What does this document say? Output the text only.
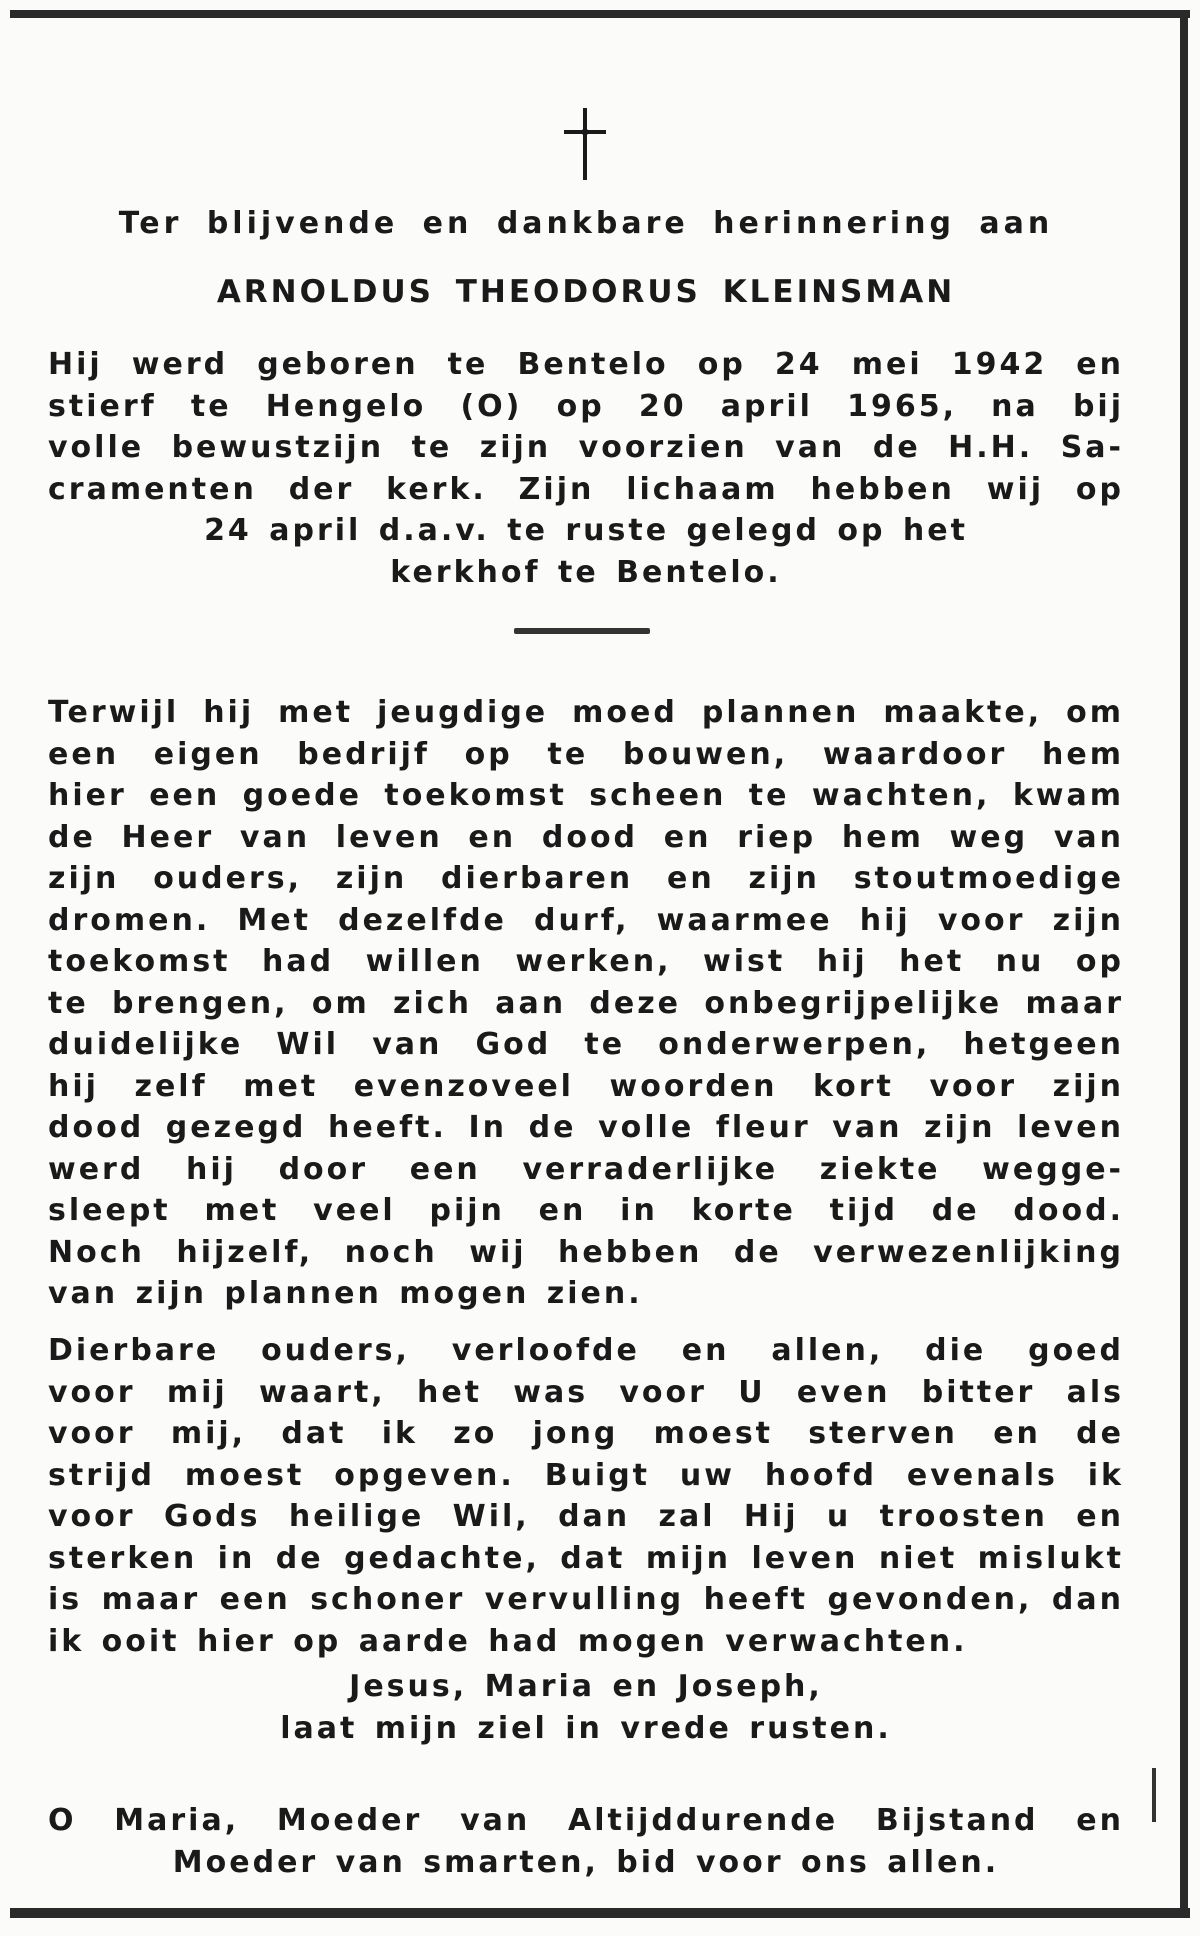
Ter blijvende en dankbare herinnering aan
ARNOLDUS THEODORUS KLEINSMAN
Hij werd geboren te Bentelo op 24 mei 1942 en
stierf te Hengelo (O) op 20 april 1965, na bij
volle bewustzijn te zijn voorzien van de H.H. Sa-
cramenten der kerk. Zijn lichaam hebben wij op
24 april d.a.v. te ruste gelegd op het
kerkhof te Bentelo.
Terwijl hij met jeugdige moed plannen maakte, om
een eigen bedrijf op te bouwen, waardoor hem
hier een goede toekomst scheen te wachten, kwam
de Heer van leven en dood en riep hem weg van
zijn ouders, zijn dierbaren en zijn stoutmoedige
dromen. Met dezelfde durf, waarmee hij voor zijn
toekomst had willen werken, wist hij het nu op
te brengen, om zich aan deze onbegrijpelijke maar
duidelijke Wil van God te onderwerpen, hetgeen
hij zelf met evenzoveel woorden kort voor zijn
dood gezegd heeft. In de volle fleur van zijn leven
werd hij door een verraderlijke ziekte wegge-
sleept met veel pijn en in korte tijd de dood.
Noch hijzelf, noch wij hebben de verwezenlijking
van zijn plannen mogen zien.
Dierbare ouders, verloofde en allen, die goed
voor mij waart, het was voor U even bitter als
voor mij, dat ik zo jong moest sterven en de
strijd moest opgeven. Buigt uw hoofd evenals ik
voor Gods heilige Wil, dan zal Hij u troosten en
sterken in de gedachte, dat mijn leven niet mislukt
is maar een schoner vervulling heeft gevonden, dan
ik ooit hier op aarde had mogen verwachten.
Jesus, Maria en Joseph,
laat mijn ziel in vrede rusten.
O Maria, Moeder van Altijddurende Bijstand en
Moeder van smarten, bid voor ons allen.
